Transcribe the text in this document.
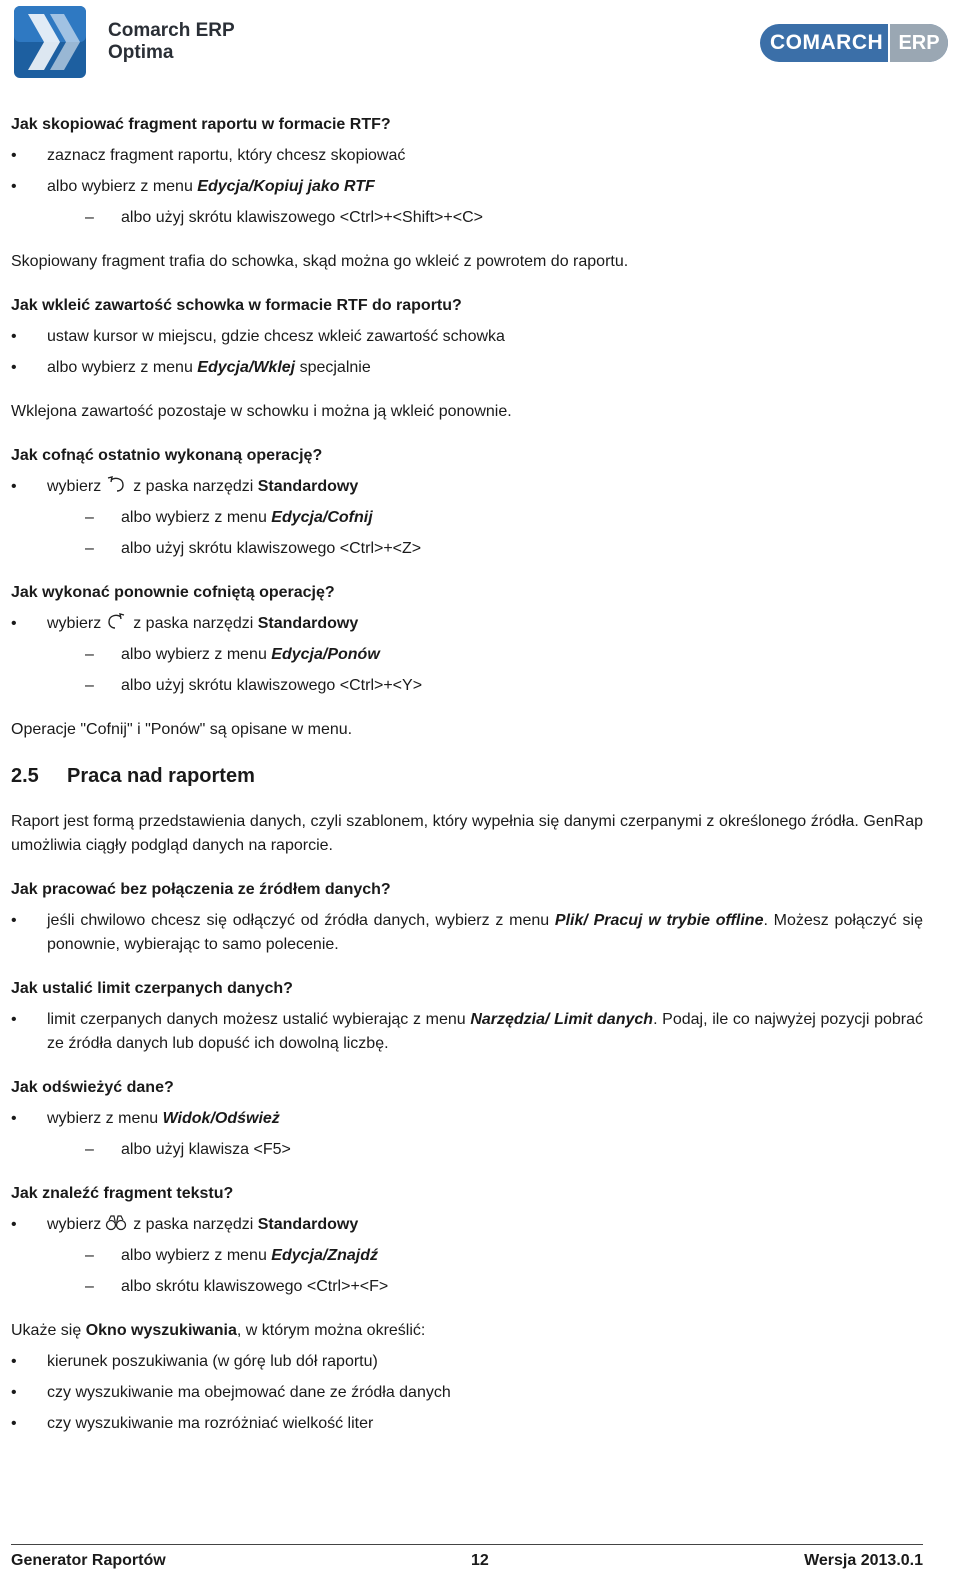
Comarch ERP
Optima	COMARCH ERP

Jak skopiować fragment raportu w formacie RTF?

• zaznacz fragment raportu, który chcesz skopiować
• albo wybierz z menu Edycja/Kopiuj jako RTF
– albo użyj skrótu klawiszowego <Ctrl>+<Shift>+<C>

Skopiowany fragment trafia do schowka, skąd można go wkleić z powrotem do raportu.

Jak wkleić zawartość schowka w formacie RTF do raportu?

• ustaw kursor w miejscu, gdzie chcesz wkleić zawartość schowka
• albo wybierz z menu Edycja/Wklej specjalnie

Wklejona zawartość pozostaje w schowku i można ją wkleić ponownie.

Jak cofnąć ostatnio wykonaną operację?

• wybierz z paska narzędzi Standardowy
– albo wybierz z menu Edycja/Cofnij
– albo użyj skrótu klawiszowego <Ctrl>+<Z>

Jak wykonać ponownie cofniętą operację?

• wybierz z paska narzędzi Standardowy
– albo wybierz z menu Edycja/Ponów
– albo użyj skrótu klawiszowego <Ctrl>+<Y>

Operacje "Cofnij" i "Ponów" są opisane w menu.

2.5 Praca nad raportem

Raport jest formą przedstawienia danych, czyli szablonem, który wypełnia się danymi czerpanymi z określonego źródła. GenRap umożliwia ciągły podgląd danych na raporcie.

Jak pracować bez połączenia ze źródłem danych?

• jeśli chwilowo chcesz się odłączyć od źródła danych, wybierz z menu Plik/ Pracuj w trybie offline. Możesz połączyć się ponownie, wybierając to samo polecenie.

Jak ustalić limit czerpanych danych?

• limit czerpanych danych możesz ustalić wybierając z menu Narzędzia/ Limit danych. Podaj, ile co najwyżej pozycji pobrać ze źródła danych lub dopuść ich dowolną liczbę.

Jak odświeżyć dane?

• wybierz z menu Widok/Odśwież
– albo użyj klawisza <F5>

Jak znaleźć fragment tekstu?

• wybierz z paska narzędzi Standardowy
– albo wybierz z menu Edycja/Znajdź
– albo skrótu klawiszowego <Ctrl>+<F>

Ukaże się Okno wyszukiwania, w którym można określić:

• kierunek poszukiwania (w górę lub dół raportu)
• czy wyszukiwanie ma obejmować dane ze źródła danych
• czy wyszukiwanie ma rozróżniać wielkość liter
Generator Raportów	12	Wersja 2013.0.1
